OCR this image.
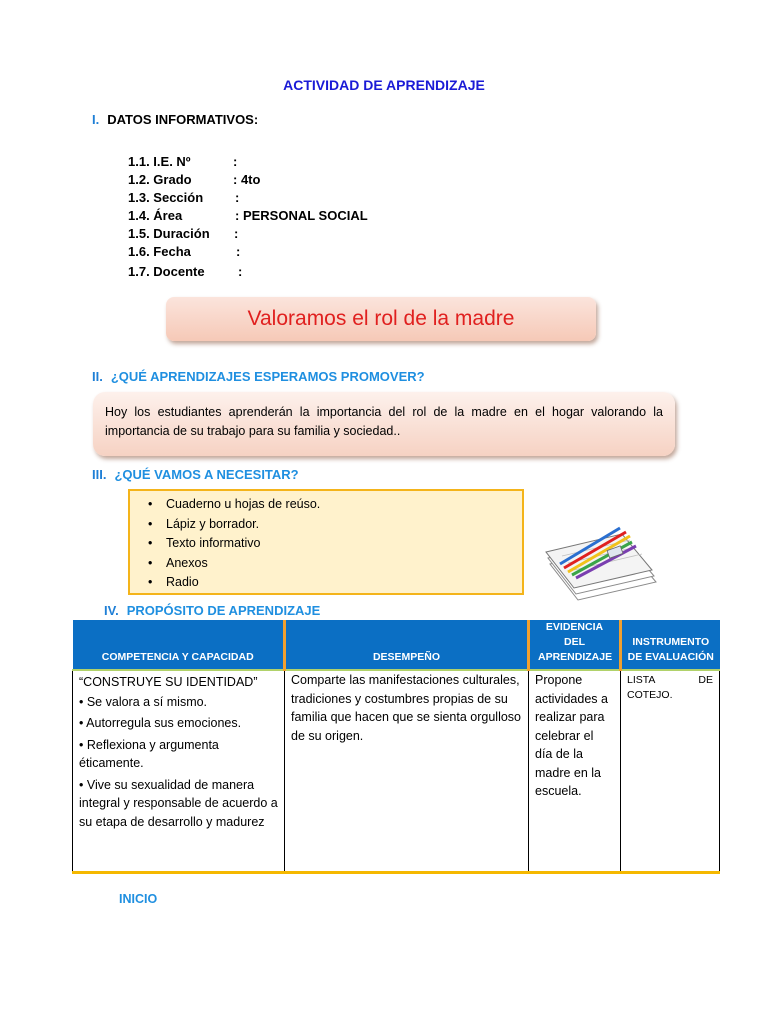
ACTIVIDAD DE APRENDIZAJE
I. DATOS INFORMATIVOS:
1.1. I.E. Nº	:
1.2. Grado	: 4to
1.3. Sección :
1.4. Área	: PERSONAL SOCIAL
1.5. Duración :
1.6. Fecha	:
1.7. Docente	:
Valoramos el rol de la madre
II. ¿QUÉ APRENDIZAJES ESPERAMOS PROMOVER?
Hoy los estudiantes aprenderán la importancia del rol de la madre en el hogar valorando la importancia de su trabajo para su familia y sociedad..
III. ¿QUÉ VAMOS A NECESITAR?
• Cuaderno u hojas de reúso.
• Lápiz y borrador.
• Texto informativo
• Anexos
• Radio
IV. PROPÓSITO DE APRENDIZAJE
COMPETENCIA Y CAPACIDAD	DESEMPEÑO	EVIDENCIA DEL APRENDIZAJE	INSTRUMENTO DE EVALUACIÓN

“CONSTRUYE SU IDENTIDAD”
• Se valora a sí mismo.
• Autorregula sus emociones.
• Reflexiona y argumenta éticamente.
• Vive su sexualidad de manera integral y responsable de acuerdo a su etapa de desarrollo y madurez	Comparte las manifestaciones culturales, tradiciones y costumbres propias de su familia que hacen que se sienta orgulloso de su origen.	Propone actividades a realizar para celebrar el día de la madre en la escuela.	LISTA DE COTEJO.
INICIO
